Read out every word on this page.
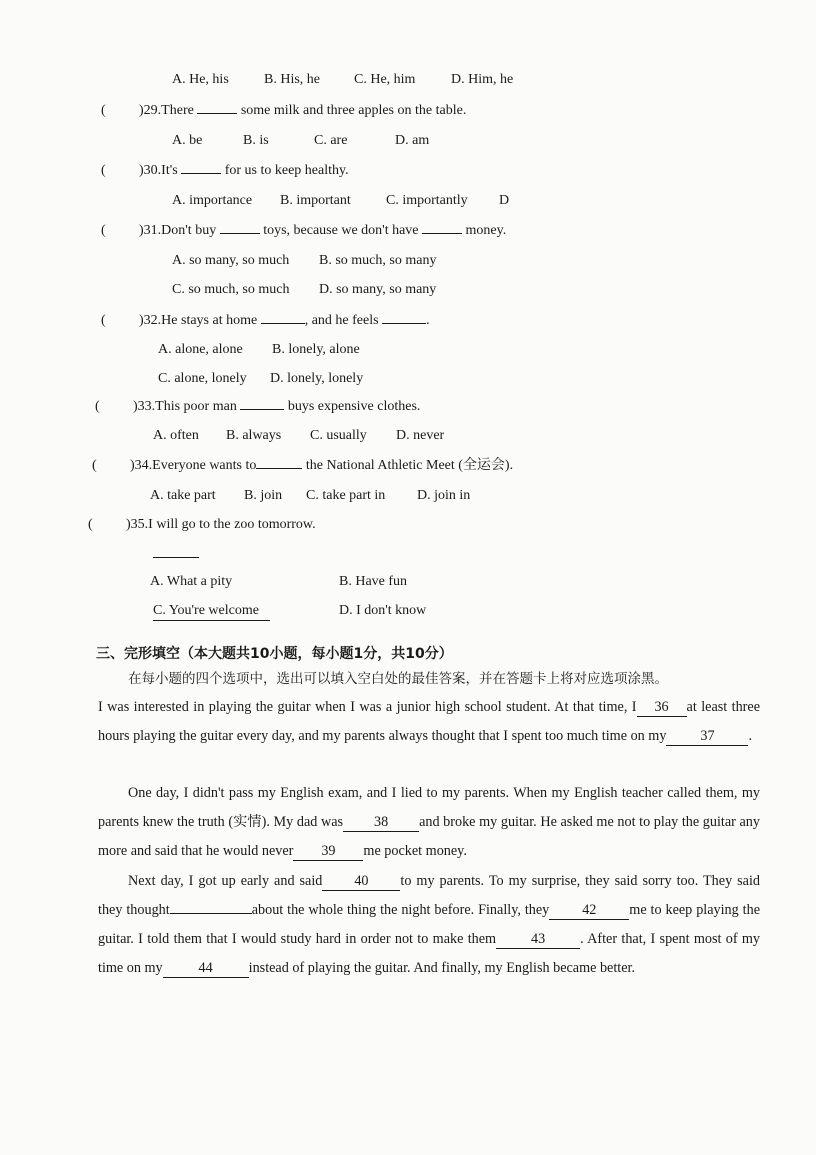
A. He, his	B. His, he C. He, him	D. Him, he
( )29.There	some milk and three apples on the table.
A. be	B. is	C. are	D. am
( )30.It's	for us to keep healthy.
A. importance B. important	C. importantly D
( )31.Don't buy	toys, because we don't have	money.
A. so many, so much B. so much, so many
C. so much, so much D. so many, so many
( )32.He stays at home	, and he feels	.
A. alone, alone B. lonely, alone
C. alone, lonely D. lonely, lonely
( )33.This poor man	buys expensive clothes.
A. often B. always C. usually D. never
( )34.Everyone wants to	the National Athletic Meet (全运会).
A. take part B. join C. take part in D. join in
( )35.I will go to the zoo tomorrow.
A. What a pity	B. Have fun
C. You're welcome	D. I don't know
三、完形填空（本大题共10小题，每小题1分，共10分）
在每小题的四个选项中，选出可以填入空白处的最佳答案，并在答题卡上将对应选项涂黑。
I was interested in playing the guitar when I was a junior high school student. At that time, I 36 at least three hours playing the guitar every day, and my parents always thought that I spent too much time on my 37 .
One day, I didn't pass my English exam, and I lied to my parents. When my English teacher called them, my parents knew the truth (实情). My dad was 38 and broke my guitar. He asked me not to play the guitar any more and said that he would never 39 me pocket money.
Next day, I got up early and said 40 to my parents. To my surprise, they said sorry too. They said they thought	about the whole thing the night before. Finally, they 42 me to keep playing the guitar. I told them that I would study hard in order not to make them 43 . After that, I spent most of my time on my	44	instead of playing the guitar. And finally, my English became better.
